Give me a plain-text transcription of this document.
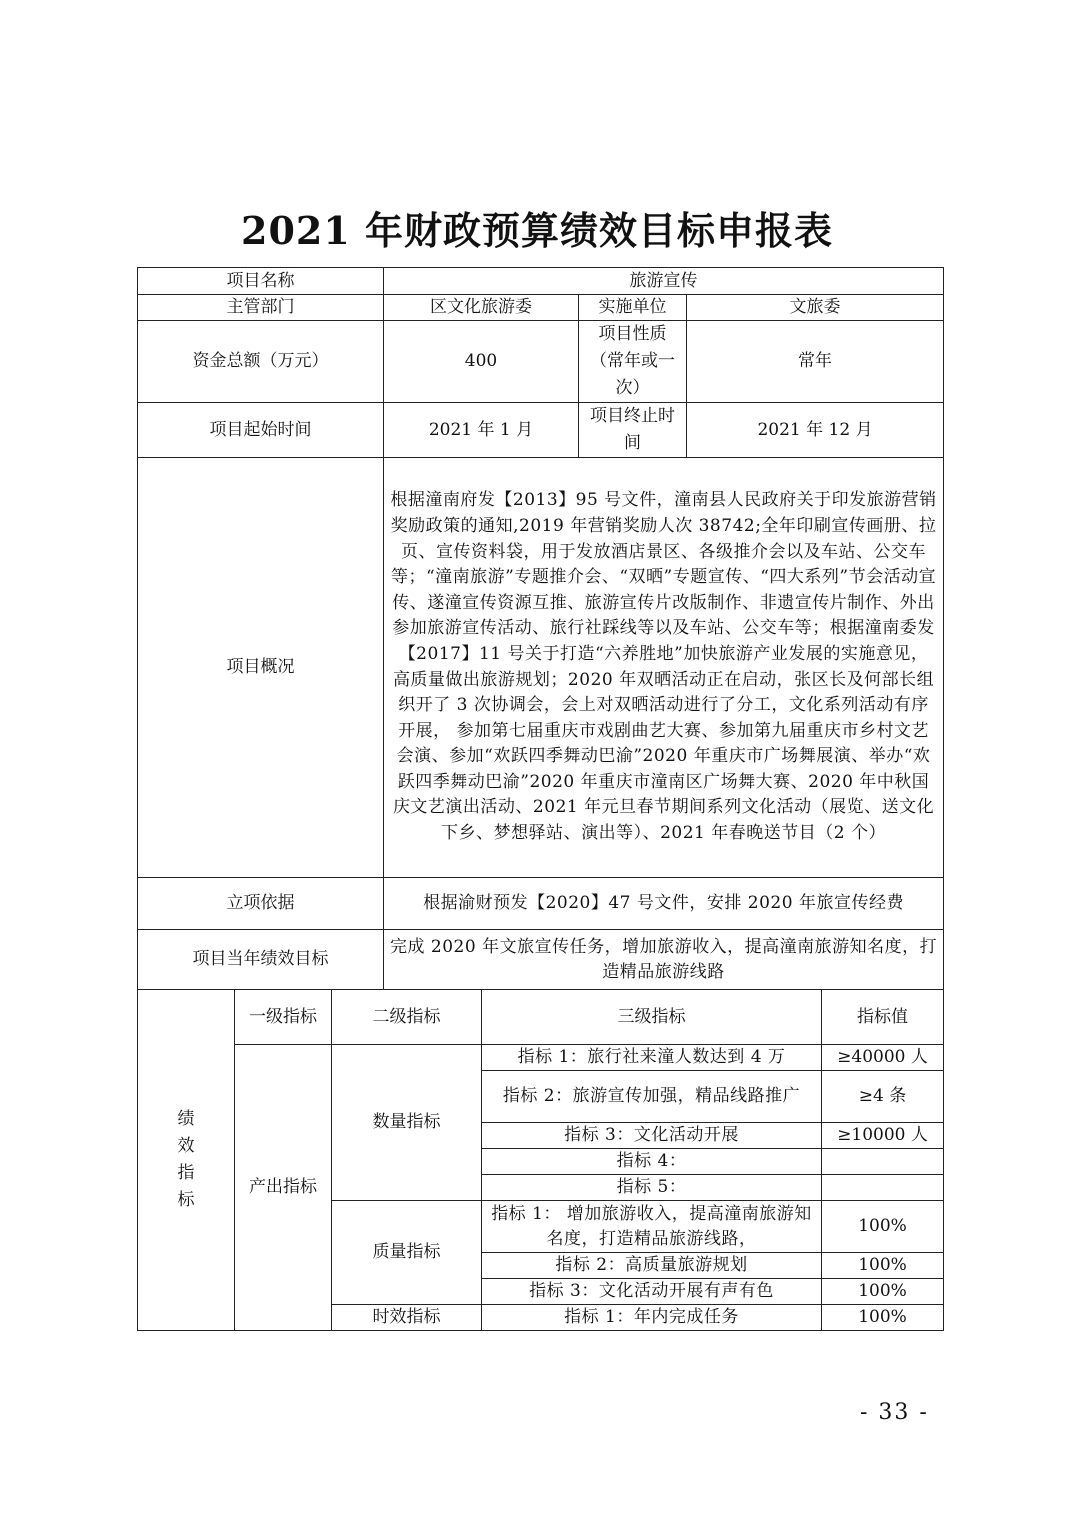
2021 年财政预算绩效目标申报表
项目名称			旅游宣传				
主管部门			区文化旅游委		实施单位	文旅委	
资金总额（万元）			400		项目性质（常年或一次）	常年	
项目起始时间			2021 年 1 月		项目终止时间	2021 年 12 月	
项目概况			根据潼南府发【2013】95 号文件，潼南县人民政府关于印发旅游营销奖励政策的通知,2019 年营销奖励人次 38742;全年印刷宣传画册、拉页、宣传资料袋，用于发放酒店景区、各级推介会以及车站、公交车等；“潼南旅游”专题推介会、“双晒”专题宣传、“四大系列”节会活动宣传、遂潼宣传资源互推、旅游宣传片改版制作、非遗宣传片制作、外出参加旅游宣传活动、旅行社踩线等以及车站、公交车等；根据潼南委发【2017】11 号关于打造“六养胜地”加快旅游产业发展的实施意见，高质量做出旅游规划；2020 年双晒活动正在启动，张区长及何部长组织开了 3 次协调会，会上对双晒活动进行了分工，文化系列活动有序开展， 参加第七届重庆市戏剧曲艺大赛、参加第九届重庆市乡村文艺会演、参加“欢跃四季舞动巴渝”2020 年重庆市广场舞展演、举办“欢跃四季舞动巴渝”2020 年重庆市潼南区广场舞大赛、2020 年中秋国庆文艺演出活动、2021 年元旦春节期间系列文化活动（展览、送文化下乡、梦想驿站、演出等）、2021 年春晚送节目（2 个）				
立项依据			根据渝财预发【2020】47 号文件，安排 2020 年旅宣传经费				
项目当年绩效目标			完成 2020 年文旅宣传任务，增加旅游收入，提高潼南旅游知名度，打造精品旅游线路				

绩效指标	一级指标	二级指标		三级指标			指标值
	产出指标	数量指标		指标 1：旅行社来潼人数达到 4 万			≥40000 人
				指标 2：旅游宣传加强，精品线路推广			≥4 条
				指标 3：文化活动开展			≥10000 人
				指标 4：			
				指标 5：			
		质量指标		指标 1： 增加旅游收入，提高潼南旅游知名度，打造精品旅游线路，			100%
				指标 2：高质量旅游规划			100%
				指标 3：文化活动开展有声有色			100%
		时效指标		指标 1：年内完成任务			100%
- 33 -
